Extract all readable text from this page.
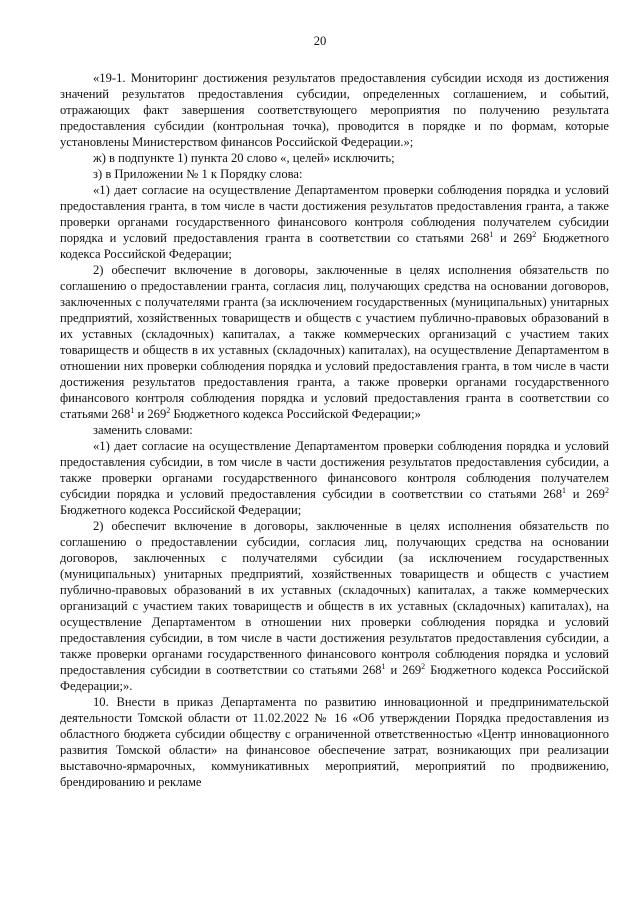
20

«19-1. Мониторинг достижения результатов предоставления субсидии исходя из достижения значений результатов предоставления субсидии, определенных соглашением, и событий, отражающих факт завершения соответствующего мероприятия по получению результата предоставления субсидии (контрольная точка), проводится в порядке и по формам, которые установлены Министерством финансов Российской Федерации.»;

ж) в подпункте 1) пункта 20 слово «, целей» исключить;

з) в Приложении № 1 к Порядку слова:

«1) дает согласие на осуществление Департаментом проверки соблюдения порядка и условий предоставления гранта, в том числе в части достижения результатов предоставления гранта, а также проверки органами государственного финансового контроля соблюдения получателем субсидии порядка и условий предоставления гранта в соответствии со статьями $268^1$ и $269^2$ Бюджетного кодекса Российской Федерации;

2) обеспечит включение в договоры, заключенные в целях исполнения обязательств по соглашению о предоставлении гранта, согласия лиц, получающих средства на основании договоров, заключенных с получателями гранта (за исключением государственных (муниципальных) унитарных предприятий, хозяйственных товариществ и обществ с участием публично-правовых образований в их уставных (складочных) капиталах, а также коммерческих организаций с участием таких товариществ и обществ в их уставных (складочных) капиталах), на осуществление Департаментом в отношении них проверки соблюдения порядка и условий предоставления гранта, в том числе в части достижения результатов предоставления гранта, а также проверки органами государственного финансового контроля соблюдения порядка и условий предоставления гранта в соответствии со статьями $268^1$ и $269^2$ Бюджетного кодекса Российской Федерации;»

заменить словами:

«1) дает согласие на осуществление Департаментом проверки соблюдения порядка и условий предоставления субсидии, в том числе в части достижения результатов предоставления субсидии, а также проверки органами государственного финансового контроля соблюдения получателем субсидии порядка и условий предоставления субсидии в соответствии со статьями $268^1$ и $269^2$ Бюджетного кодекса Российской Федерации;

2) обеспечит включение в договоры, заключенные в целях исполнения обязательств по соглашению о предоставлении субсидии, согласия лиц, получающих средства на основании договоров, заключенных с получателями субсидии (за исключением государственных (муниципальных) унитарных предприятий, хозяйственных товариществ и обществ с участием публично-правовых образований в их уставных (складочных) капиталах, а также коммерческих организаций с участием таких товариществ и обществ в их уставных (складочных) капиталах), на осуществление Департаментом в отношении них проверки соблюдения порядка и условий предоставления субсидии, в том числе в части достижения результатов предоставления субсидии, а также проверки органами государственного финансового контроля соблюдения порядка и условий предоставления субсидии в соответствии со статьями $268^1$ и $269^2$ Бюджетного кодекса Российской Федерации;».

10. Внести в приказ Департамента по развитию инновационной и предпринимательской деятельности Томской области от 11.02.2022 № 16 «Об утверждении Порядка предоставления из областного бюджета субсидии обществу с ограниченной ответственностью «Центр инновационного развития Томской области» на финансовое обеспечение затрат, возникающих при реализации выставочно-ярмарочных, коммуникативных мероприятий, мероприятий по продвижению, брендированию и рекламе
